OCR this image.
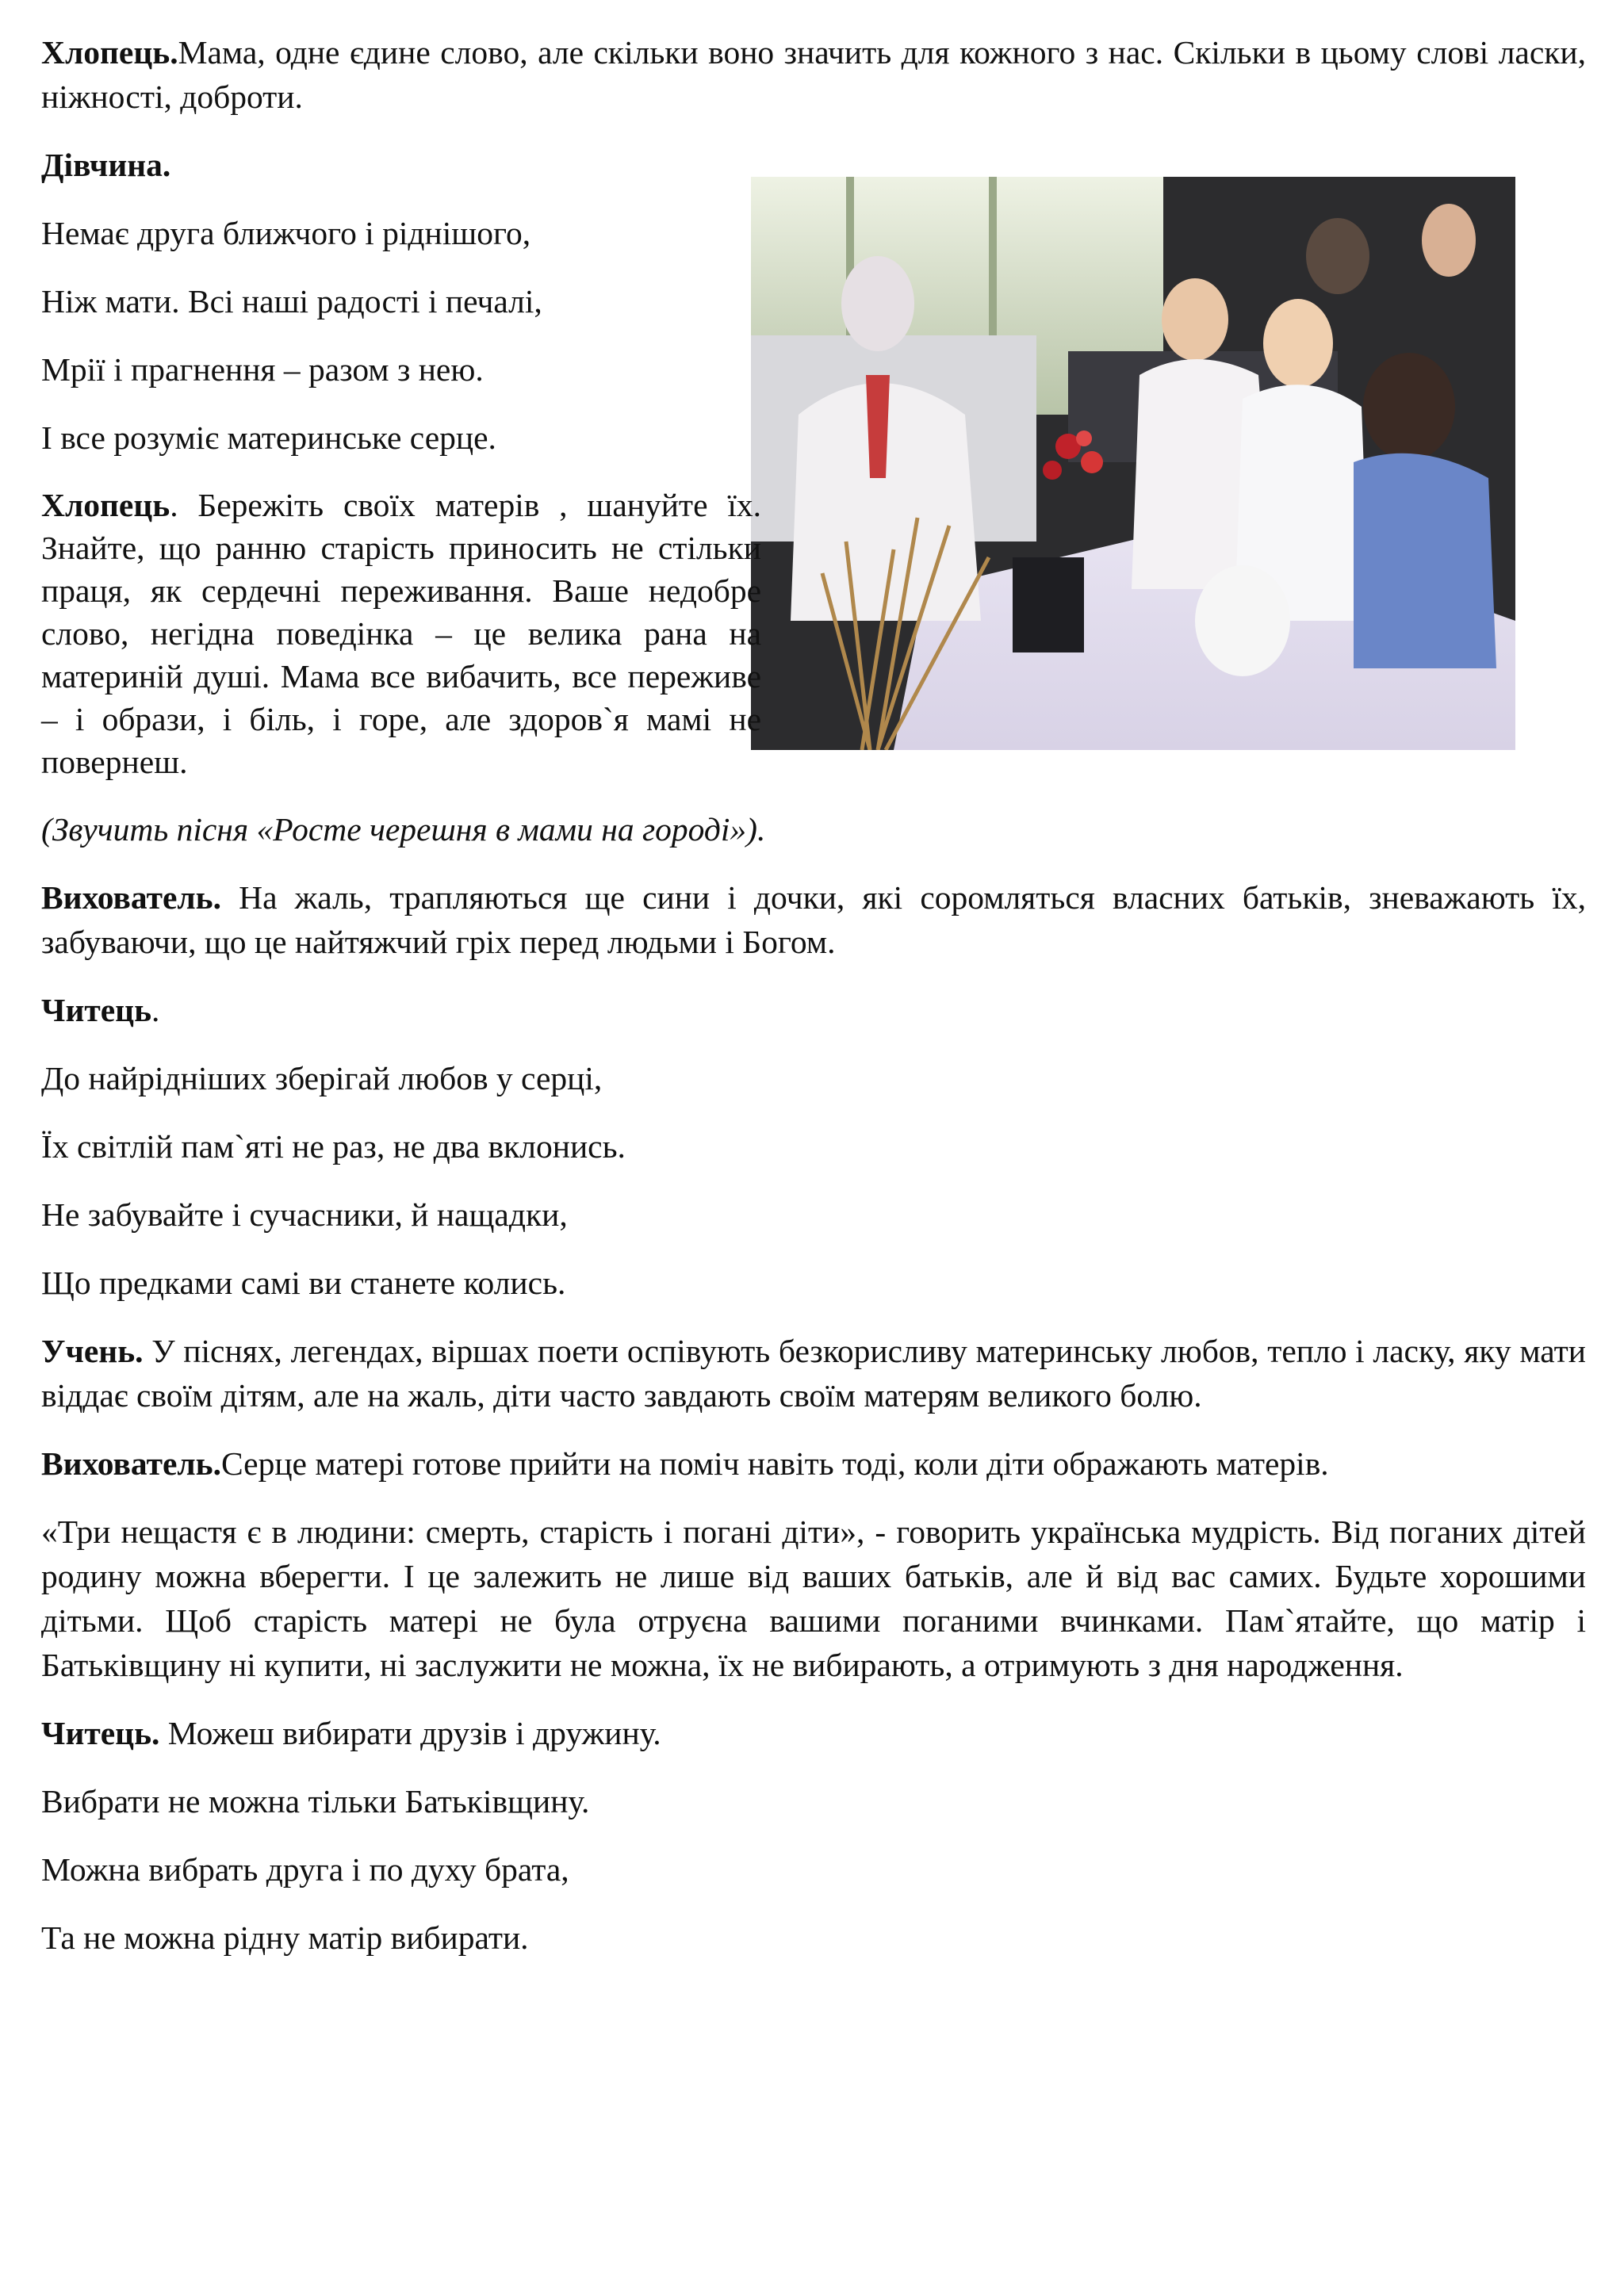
Хлопець.Мама, одне єдине слово, але скільки воно значить для кожного з нас. Скільки в цьому слові ласки, ніжності, доброти.

Дівчина.

Немає друга ближчого і ріднішого,

Ніж мати. Всі наші радості і печалі,

Мрії і прагнення – разом з нею.

І все розуміє материнське серце.

Хлопець. Бережіть своїх матерів , шануйте їх. Знайте, що ранню старість приносить не стільки праця, як сердечні переживання. Ваше недобре слово, негідна поведінка – це велика рана на материній душі. Мама все вибачить, все переживе – і образи, і біль, і горе, але здоров`я мамі не повернеш.

(Звучить пісня «Росте черешня в мами на городі»).

Вихователь. На жаль, трапляються ще сини і дочки, які соромляться власних батьків, зневажають їх, забуваючи, що це найтяжчий гріх перед людьми і Богом.

Читець.

До найрідніших зберігай любов у серці,

Їх світлій пам`яті не раз, не два вклонись.

Не забувайте і сучасники, й нащадки,

Що предками самі ви станете колись.

Учень. У піснях, легендах, віршах поети оспівують безкорисливу материнську любов, тепло і ласку, яку мати віддає своїм дітям, але на жаль, діти часто завдають своїм матерям великого болю.

Вихователь.Серце матері готове прийти на поміч навіть тоді, коли діти ображають матерів.

«Три нещастя є в людини: смерть, старість і погані діти», - говорить українська мудрість. Від поганих дітей родину можна вберегти. І це залежить не лише від ваших батьків, але й від вас самих. Будьте хорошими дітьми. Щоб старість матері не була отруєна вашими поганими вчинками. Пам`ятайте, що матір і Батьківщину ні купити, ні заслужити не можна, їх не вибирають, а отримують з дня народження.

Читець. Можеш вибирати друзів і дружину.

Вибрати не можна тільки Батьківщину.

Можна вибрать друга і по духу брата,

Та не можна рідну матір вибирати.
